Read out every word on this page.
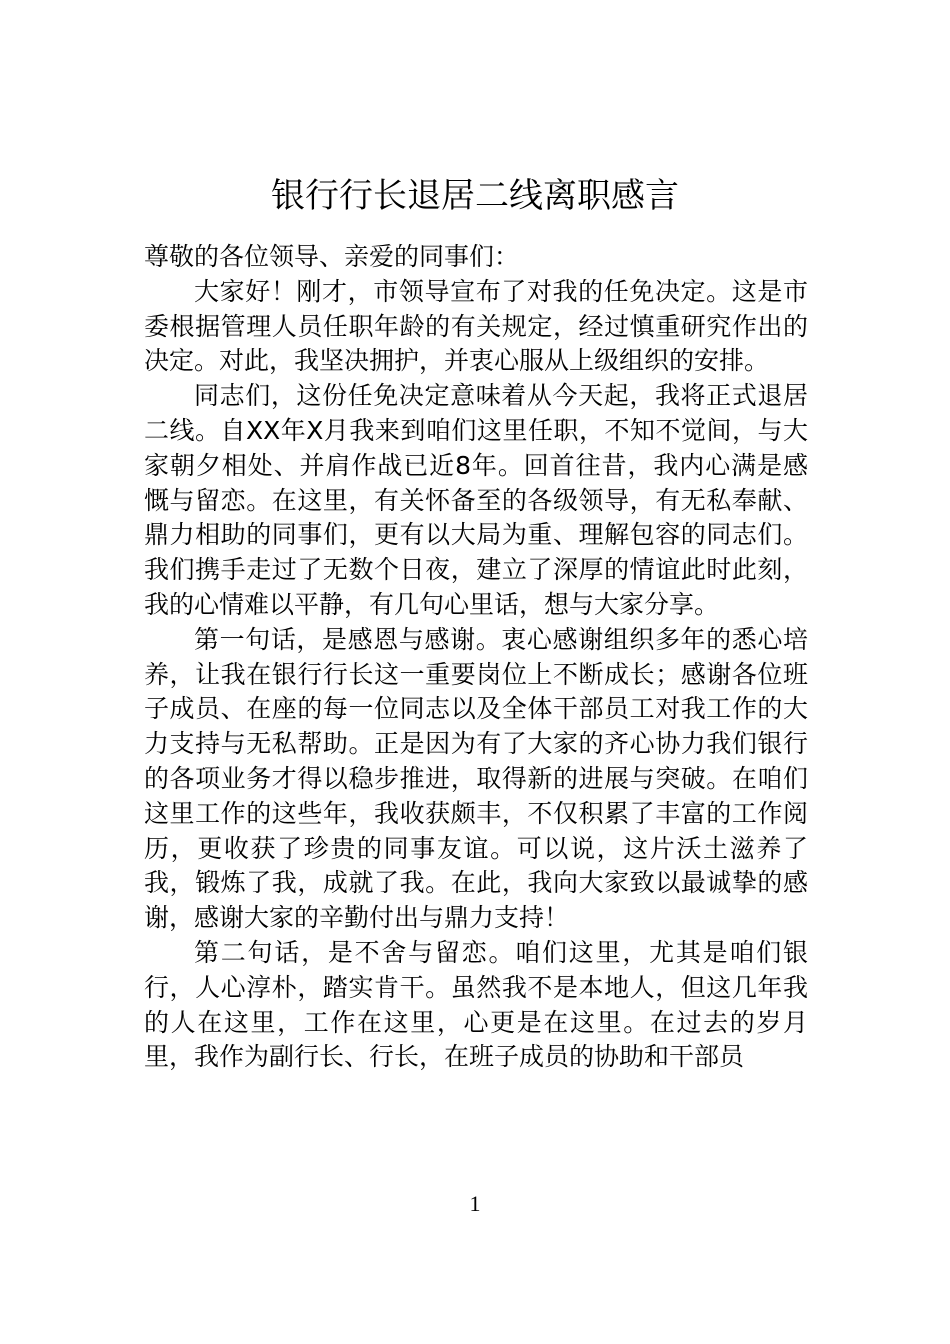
银行行长退居二线离职感言

尊敬的各位领导、亲爱的同事们：

大家好！刚才，市领导宣布了对我的任免决定。这是市委根据管理人员任职年龄的有关规定，经过慎重研究作出的决定。对此，我坚决拥护，并衷心服从上级组织的安排。

同志们，这份任免决定意味着从今天起，我将正式退居二线。自XX年X月我来到咱们这里任职，不知不觉间，与大家朝夕相处、并肩作战已近8年。回首往昔，我内心满是感慨与留恋。在这里，有关怀备至的各级领导，有无私奉献、鼎力相助的同事们，更有以大局为重、理解包容的同志们。我们携手走过了无数个日夜，建立了深厚的情谊此时此刻，我的心情难以平静，有几句心里话，想与大家分享。

第一句话，是感恩与感谢。衷心感谢组织多年的悉心培养，让我在银行行长这一重要岗位上不断成长；感谢各位班子成员、在座的每一位同志以及全体干部员工对我工作的大力支持与无私帮助。正是因为有了大家的齐心协力我们银行的各项业务才得以稳步推进，取得新的进展与突破。在咱们这里工作的这些年，我收获颇丰，不仅积累了丰富的工作阅历，更收获了珍贵的同事友谊。可以说，这片沃土滋养了我，锻炼了我，成就了我。在此，我向大家致以最诚挚的感谢，感谢大家的辛勤付出与鼎力支持！

第二句话，是不舍与留恋。咱们这里，尤其是咱们银行，人心淳朴，踏实肯干。虽然我不是本地人，但这几年我的人在这里，工作在这里，心更是在这里。在过去的岁月里，我作为副行长、行长，在班子成员的协助和干部员

1
